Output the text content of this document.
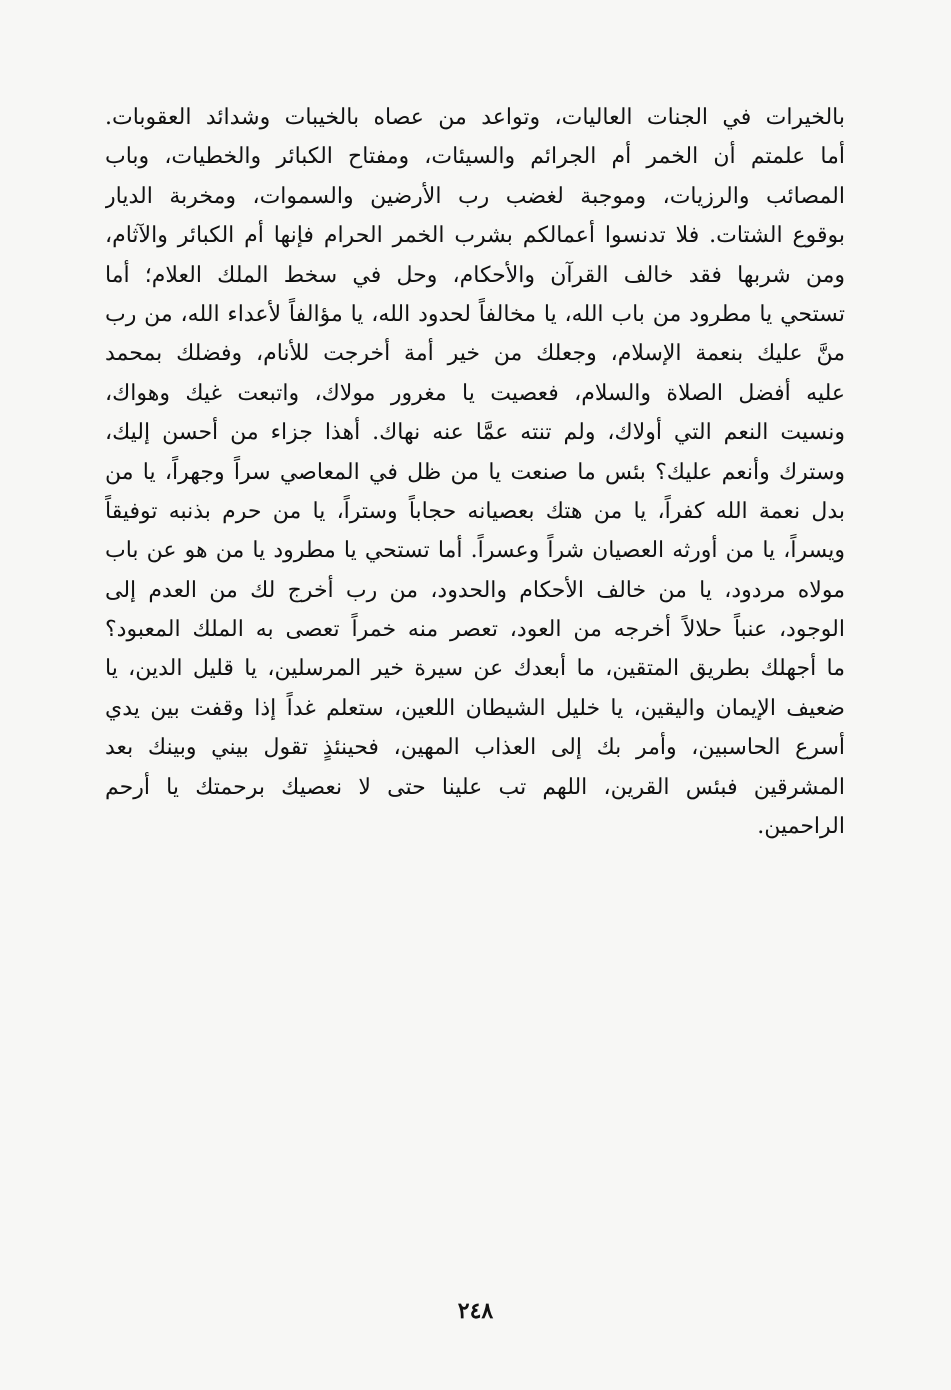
بالخيرات في الجنات العاليات، وتواعد من عصاه بالخيبات وشدائد العقوبات.
أما علمتم أن الخمر أم الجرائم والسيئات، ومفتاح الكبائر والخطيات، وباب
المصائب والرزيات، وموجبة لغضب رب الأرضين والسموات، ومخربة الديار
بوقوع الشتات. فلا تدنسوا أعمالكم بشرب الخمر الحرام فإنها أم الكبائر والآثام،
ومن شربها فقد خالف القرآن والأحكام، وحل في سخط الملك العلام؛ أما
تستحي يا مطرود من باب الله، يا مخالفاً لحدود الله، يا مؤالفاً لأعداء الله، من رب
منَّ عليك بنعمة الإسلام، وجعلك من خير أمة أخرجت للأنام، وفضلك بمحمد
عليه أفضل الصلاة والسلام، فعصيت يا مغرور مولاك، واتبعت غيك وهواك،
ونسيت النعم التي أولاك، ولم تنته عمَّا عنه نهاك. أهذا جزاء من أحسن إليك،
وسترك وأنعم عليك؟ بئس ما صنعت يا من ظل في المعاصي سراً وجهراً، يا من
بدل نعمة الله كفراً، يا من هتك بعصيانه حجاباً وستراً، يا من حرم بذنبه توفيقاً
ويسراً، يا من أورثه العصيان شراً وعسراً. أما تستحي يا مطرود يا من هو عن باب
مولاه مردود، يا من خالف الأحكام والحدود، من رب أخرج لك من العدم إلى
الوجود، عنباً حلالاً أخرجه من العود، تعصر منه خمراً تعصى به الملك المعبود؟
ما أجهلك بطريق المتقين، ما أبعدك عن سيرة خير المرسلين، يا قليل الدين، يا
ضعيف الإيمان واليقين، يا خليل الشيطان اللعين، ستعلم غداً إذا وقفت بين يدي
أسرع الحاسبين، وأمر بك إلى العذاب المهين، فحينئذٍ تقول بيني وبينك بعد
المشرقين فبئس القرين، اللهم تب علينا حتى لا نعصيك برحمتك يا أرحم
الراحمين.
٢٤٨
